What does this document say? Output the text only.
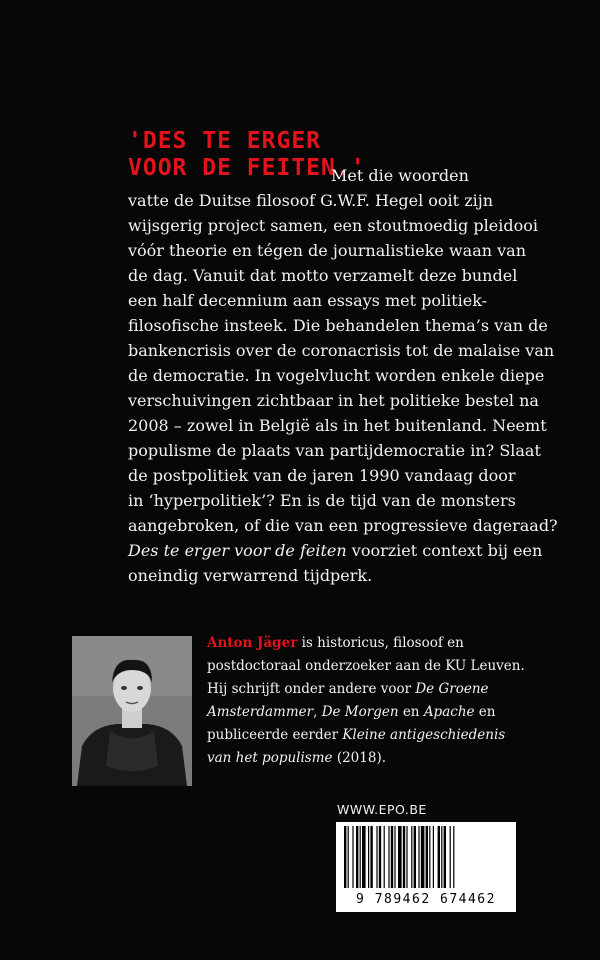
'DES TE ERGER
VOOR DE FEITEN.'
Met die woorden
vatte de Duitse filosoof G.W.F. Hegel ooit zijn
wijsgerig project samen, een stoutmoedig pleidooi
vóór theorie en tégen de journalistieke waan van
de dag. Vanuit dat motto verzamelt deze bundel
een half decennium aan essays met politiek-
filosofische insteek. Die behandelen thema’s van de
bankencrisis over de coronacrisis tot de malaise van
de democratie. In vogelvlucht worden enkele diepe
verschuivingen zichtbaar in het politieke bestel na
2008 – zowel in België als in het buitenland. Neemt
populisme de plaats van partijdemocratie in? Slaat
de postpolitiek van de jaren 1990 vandaag door
in ‘hyperpolitiek’? En is de tijd van de monsters
aangebroken, of die van een progressieve dageraad?
Des te erger voor de feiten voorziet context bij een
oneindig verwarrend tijdperk.
Anton Jäger is historicus, filosoof en
postdoctoraal onderzoeker aan de KU Leuven.
Hij schrijft onder andere voor De Groene
Amsterdammer, De Morgen en Apache en
publiceerde eerder Kleine antigeschiedenis
van het populisme (2018).
WWW.EPO.BE
9 789462 674462
